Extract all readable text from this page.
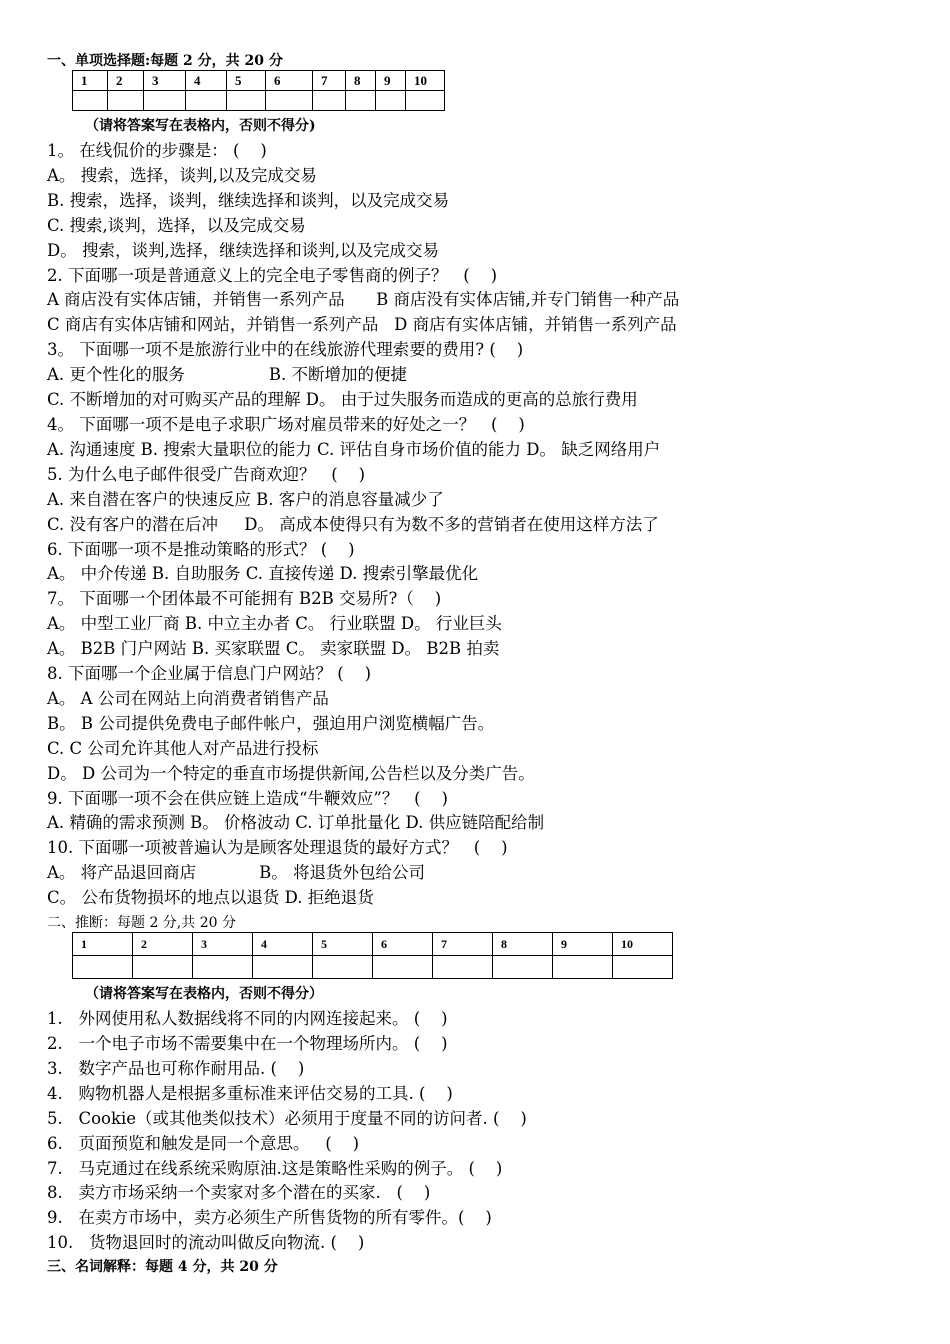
一、单项选择题:每题 2 分，共 20 分
1	2	3	4	5	6	7	8	9	10

（请将答案写在表格内，否则不得分)
1。 在线侃价的步骤是： (    )
A。 搜索，选择，谈判,以及完成交易
B. 搜索，选择，谈判，继续选择和谈判，以及完成交易
C. 搜索,谈判，选择，以及完成交易
D。 搜索，谈判,选择，继续选择和谈判,以及完成交易
2. 下面哪一项是普通意义上的完全电子零售商的例子？   (    )
A 商店没有实体店铺，并销售一系列产品      B 商店没有实体店铺,并专门销售一种产品
C 商店有实体店铺和网站，并销售一系列产品   D 商店有实体店铺，并销售一系列产品
3。 下面哪一项不是旅游行业中的在线旅游代理索要的费用? (    )
A. 更个性化的服务                B. 不断增加的便捷
C. 不断增加的对可购买产品的理解 D。 由于过失服务而造成的更高的总旅行费用
4。 下面哪一项不是电子求职广场对雇员带来的好处之一？   (    )
A. 沟通速度 B. 搜索大量职位的能力 C. 评估自身市场价值的能力 D。 缺乏网络用户
5. 为什么电子邮件很受广告商欢迎？   (    )
A. 来自潜在客户的快速反应 B. 客户的消息容量减少了
C. 没有客户的潜在后冲     D。 高成本使得只有为数不多的营销者在使用这样方法了
6. 下面哪一项不是推动策略的形式？ (    )
A。 中介传递 B. 自助服务 C. 直接传递 D. 搜索引擎最优化
7。 下面哪一个团体最不可能拥有 B2B 交易所?（    )
A。 中型工业厂商 B. 中立主办者 C。 行业联盟 D。 行业巨头
A。 B2B 门户网站 B. 买家联盟 C。 卖家联盟 D。 B2B 拍卖
8. 下面哪一个企业属于信息门户网站？ (    )
A。 A 公司在网站上向消费者销售产品
B。 B 公司提供免费电子邮件帐户，强迫用户浏览横幅广告。
C. C 公司允许其他人对产品进行投标
D。 D 公司为一个特定的垂直市场提供新闻,公告栏以及分类广告。
9. 下面哪一项不会在供应链上造成“牛鞭效应”？   (    )
A. 精确的需求预测 B。 价格波动 C. 订单批量化 D. 供应链陪配给制
10. 下面哪一项被普遍认为是顾客处理退货的最好方式？   (    )
A。 将产品退回商店            B。 将退货外包给公司
C。 公布货物损坏的地点以退货 D. 拒绝退货
二、推断：每题 2 分,共 20 分
1	2	3	4	5	6	7	8	9	10

（请将答案写在表格内，否则不得分）
1.   外网使用私人数据线将不同的内网连接起来。 (    )
2.   一个电子市场不需要集中在一个物理场所内。 (    )
3.   数字产品也可称作耐用品. (    )
4.   购物机器人是根据多重标准来评估交易的工具. (    )
5.   Cookie（或其他类似技术）必须用于度量不同的访问者. (    )
6.   页面预览和触发是同一个意思。   (    )
7.   马克通过在线系统采购原油.这是策略性采购的例子。 (    )
8.   卖方市场采纳一个卖家对多个潜在的买家.   (    )
9.   在卖方市场中，卖方必须生产所售货物的所有零件。(    )
10.   货物退回时的流动叫做反向物流. (    )
三、名词解释：每题 4 分，共 20 分
